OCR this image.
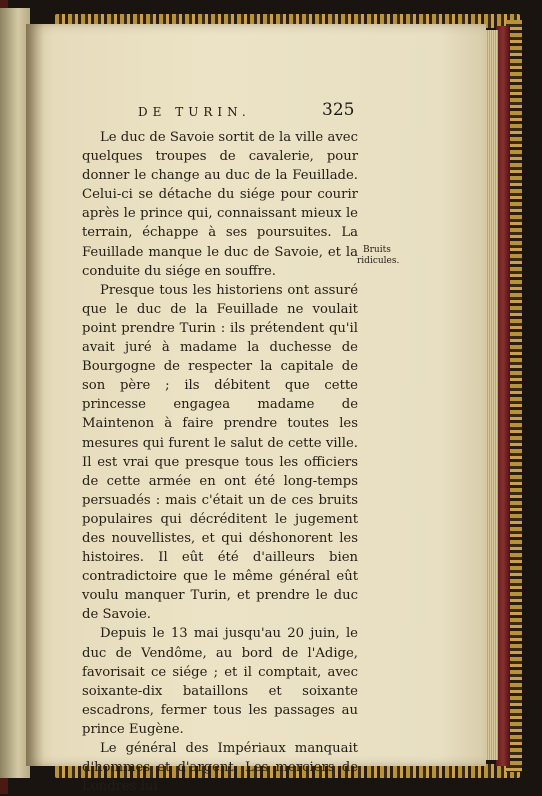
DE TURIN.	325
Bruits
ridicules.

Le duc de Savoie sortit de la ville avec quelques troupes de cavalerie, pour donner le change au duc de la Feuillade. Celui-ci se détache du siége pour courir après le prince qui, connaissant mieux le terrain, échappe à ses poursuites. La Feuillade manque le duc de Savoie, et la conduite du siége en souffre.

Presque tous les historiens ont assuré que le duc de la Feuillade ne voulait point prendre Turin : ils prétendent qu'il avait juré à madame la duchesse de Bourgogne de respecter la capitale de son père ; ils débitent que cette princesse engagea madame de Maintenon à faire prendre toutes les mesures qui furent le salut de cette ville. Il est vrai que presque tous les officiers de cette armée en ont été long-temps persuadés : mais c'était un de ces bruits populaires qui décréditent le jugement des nouvellistes, et qui déshonorent les histoires. Il eût été d'ailleurs bien contradictoire que le même général eût voulu manquer Turin, et prendre le duc de Savoie.

Depuis le 13 mai jusqu'au 20 juin, le duc de Vendôme, au bord de l'Adige, favorisait ce siége ; et il comptait, avec soixante-dix bataillons et soixante escadrons, fermer tous les passages au prince Eugène.

Le général des Impériaux manquait d'hommes et d'argent. Les merciers de Londres lui
